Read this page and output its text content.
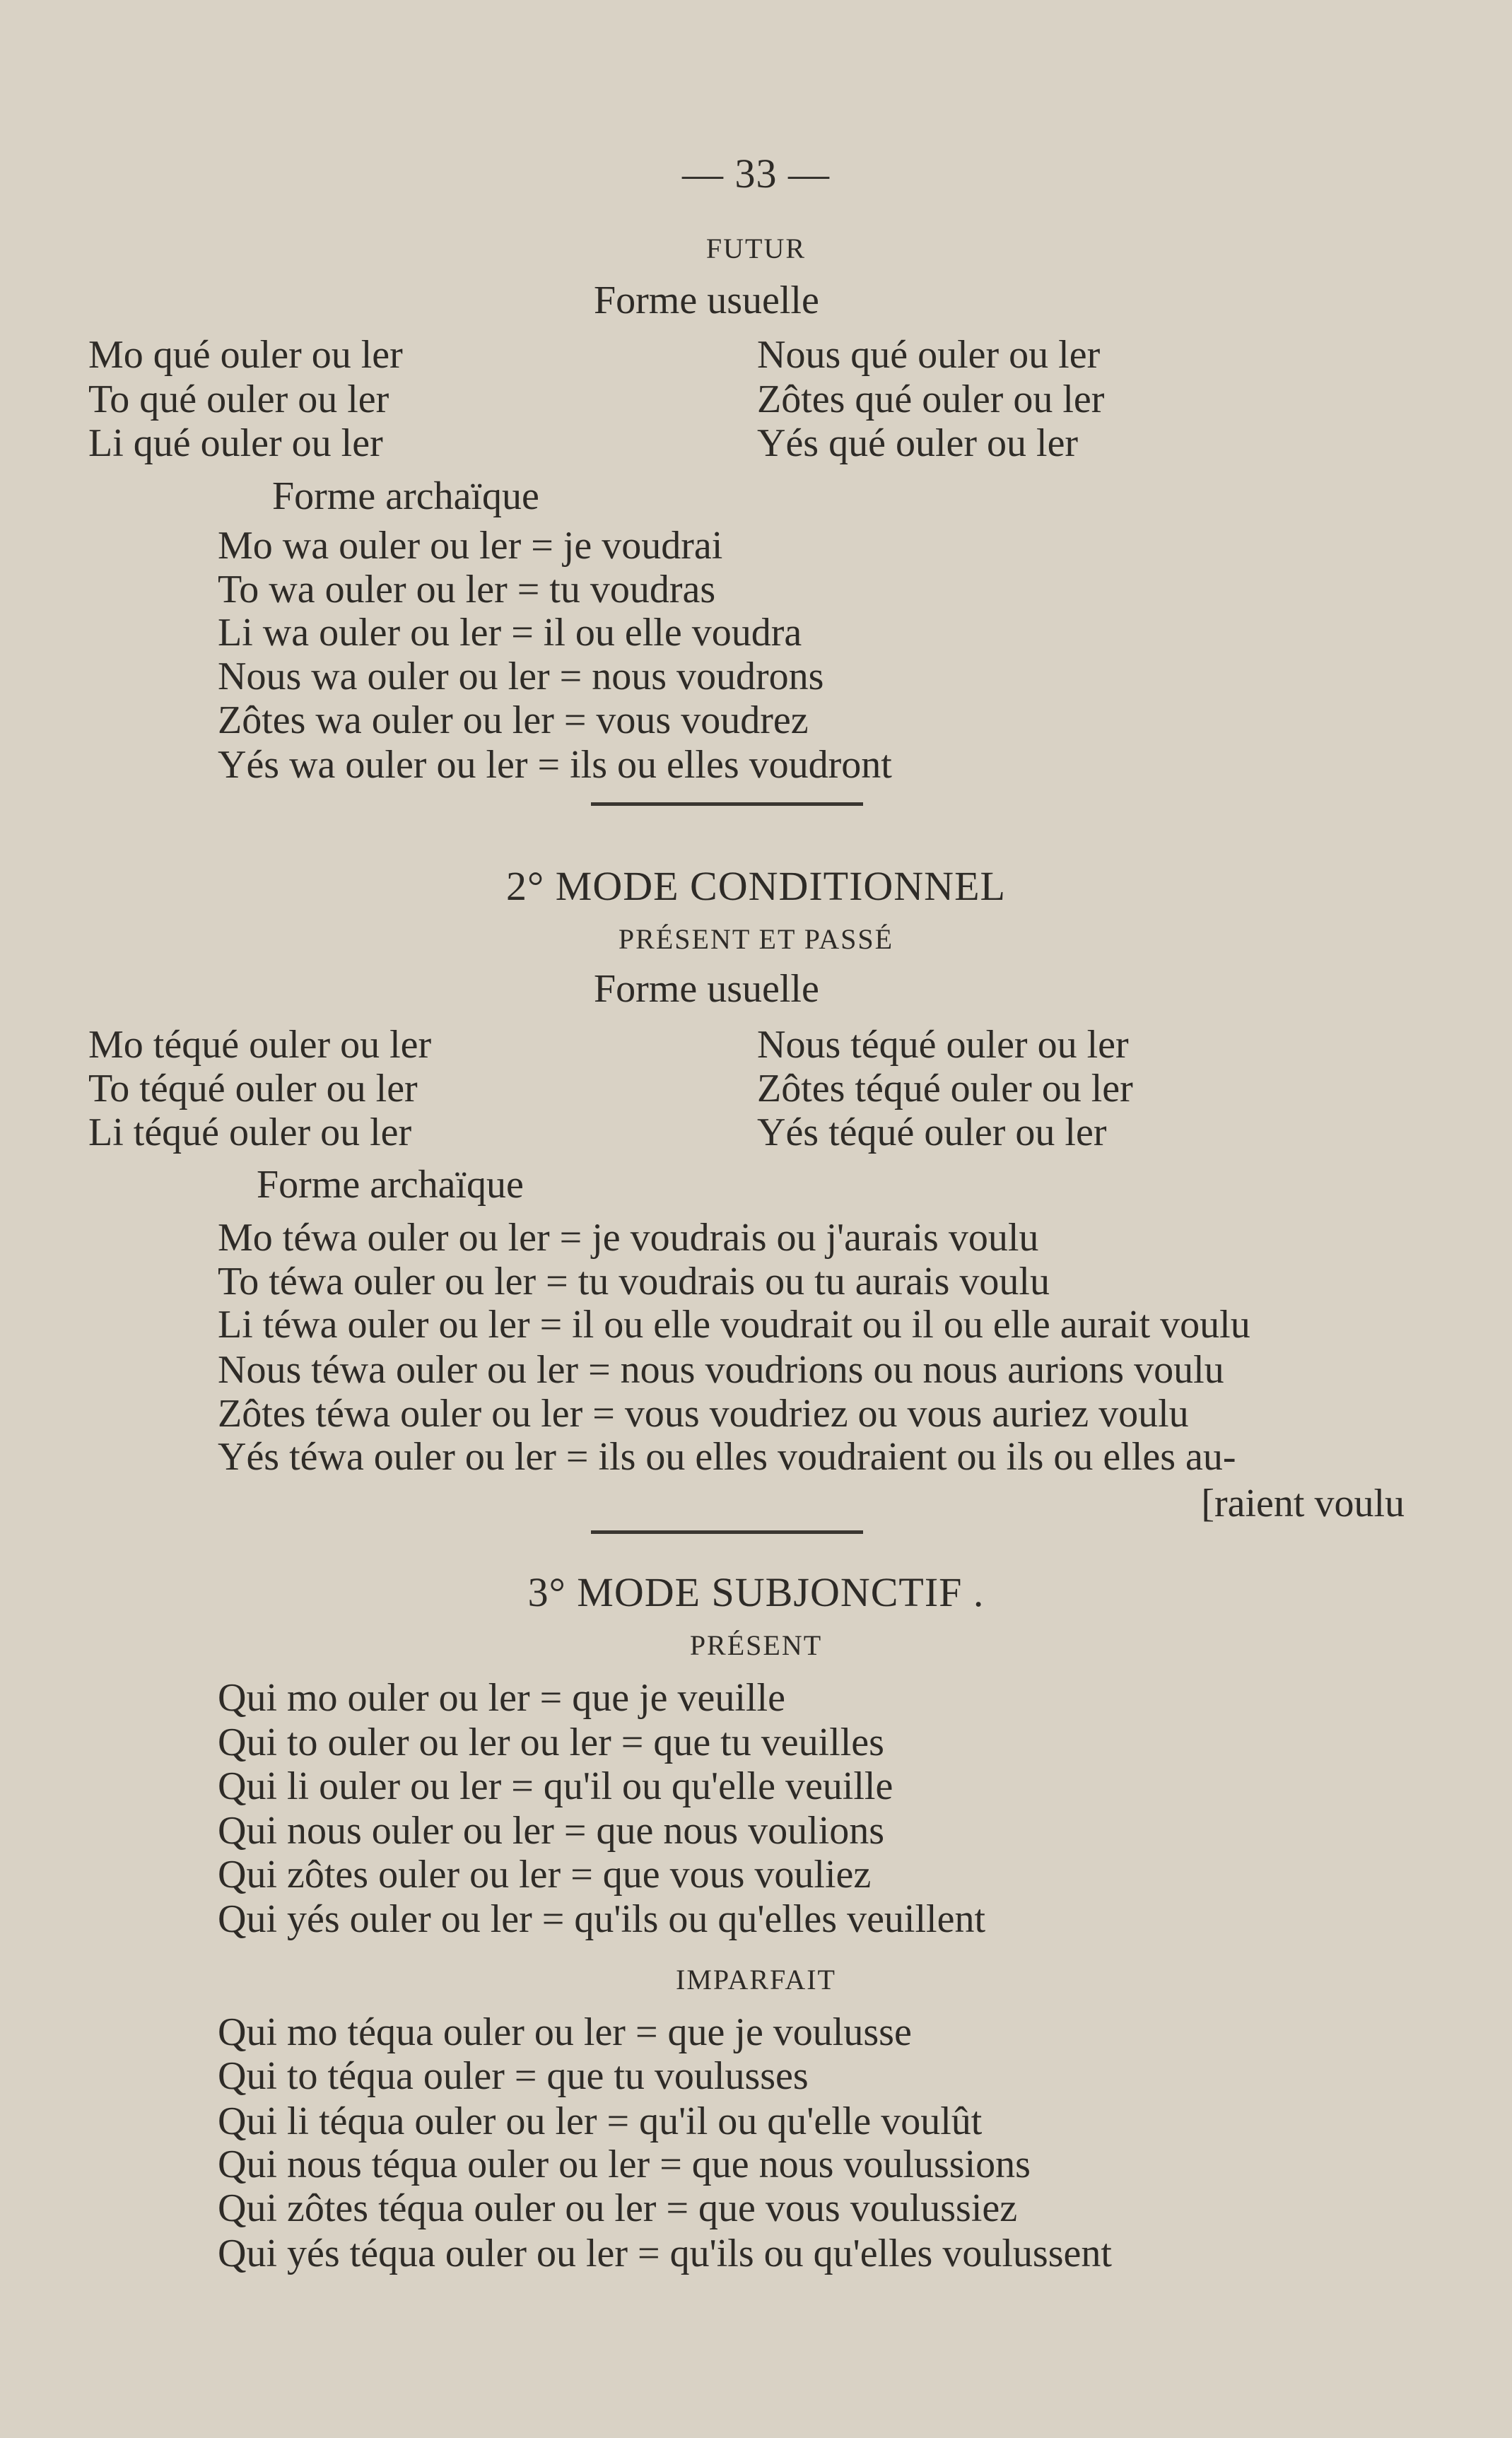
— 33 —
FUTUR
Forme usuelle
Mo qué ouler ou ler
To qué ouler ou ler
Li qué ouler ou ler
Nous qué ouler ou ler
Zôtes qué ouler ou ler
Yés qué ouler ou ler
Forme archaïque
Mo wa ouler ou ler = je voudrai
To wa ouler ou ler = tu voudras
Li wa ouler ou ler = il ou elle voudra
Nous wa ouler ou ler = nous voudrons
Zôtes wa ouler ou ler = vous voudrez
Yés wa ouler ou ler = ils ou elles voudront
2° MODE CONDITIONNEL
PRÉSENT ET PASSÉ
Forme usuelle
Mo téqué ouler ou ler
To téqué ouler ou ler
Li téqué ouler ou ler
Nous téqué ouler ou ler
Zôtes téqué ouler ou ler
Yés téqué ouler ou ler
Forme archaïque
Mo téwa ouler ou ler = je voudrais ou j'aurais voulu
To téwa ouler ou ler = tu voudrais ou tu aurais voulu
Li téwa ouler ou ler = il ou elle voudrait ou il ou elle aurait voulu
Nous téwa ouler ou ler = nous voudrions ou nous aurions voulu
Zôtes téwa ouler ou ler = vous voudriez ou vous auriez voulu
Yés téwa ouler ou ler = ils ou elles voudraient ou ils ou elles au-
[raient voulu
3° MODE SUBJONCTIF .
PRÉSENT
Qui mo ouler ou ler = que je veuille
Qui to ouler ou ler ou ler = que tu veuilles
Qui li ouler ou ler = qu'il ou qu'elle veuille
Qui nous ouler ou ler = que nous voulions
Qui zôtes ouler ou ler = que vous vouliez
Qui yés ouler ou ler = qu'ils ou qu'elles veuillent
IMPARFAIT
Qui mo téqua ouler ou ler = que je voulusse
Qui to téqua ouler = que tu voulusses
Qui li téqua ouler ou ler = qu'il ou qu'elle voulût
Qui nous téqua ouler ou ler = que nous voulussions
Qui zôtes téqua ouler ou ler = que vous voulussiez
Qui yés téqua ouler ou ler = qu'ils ou qu'elles voulussent
